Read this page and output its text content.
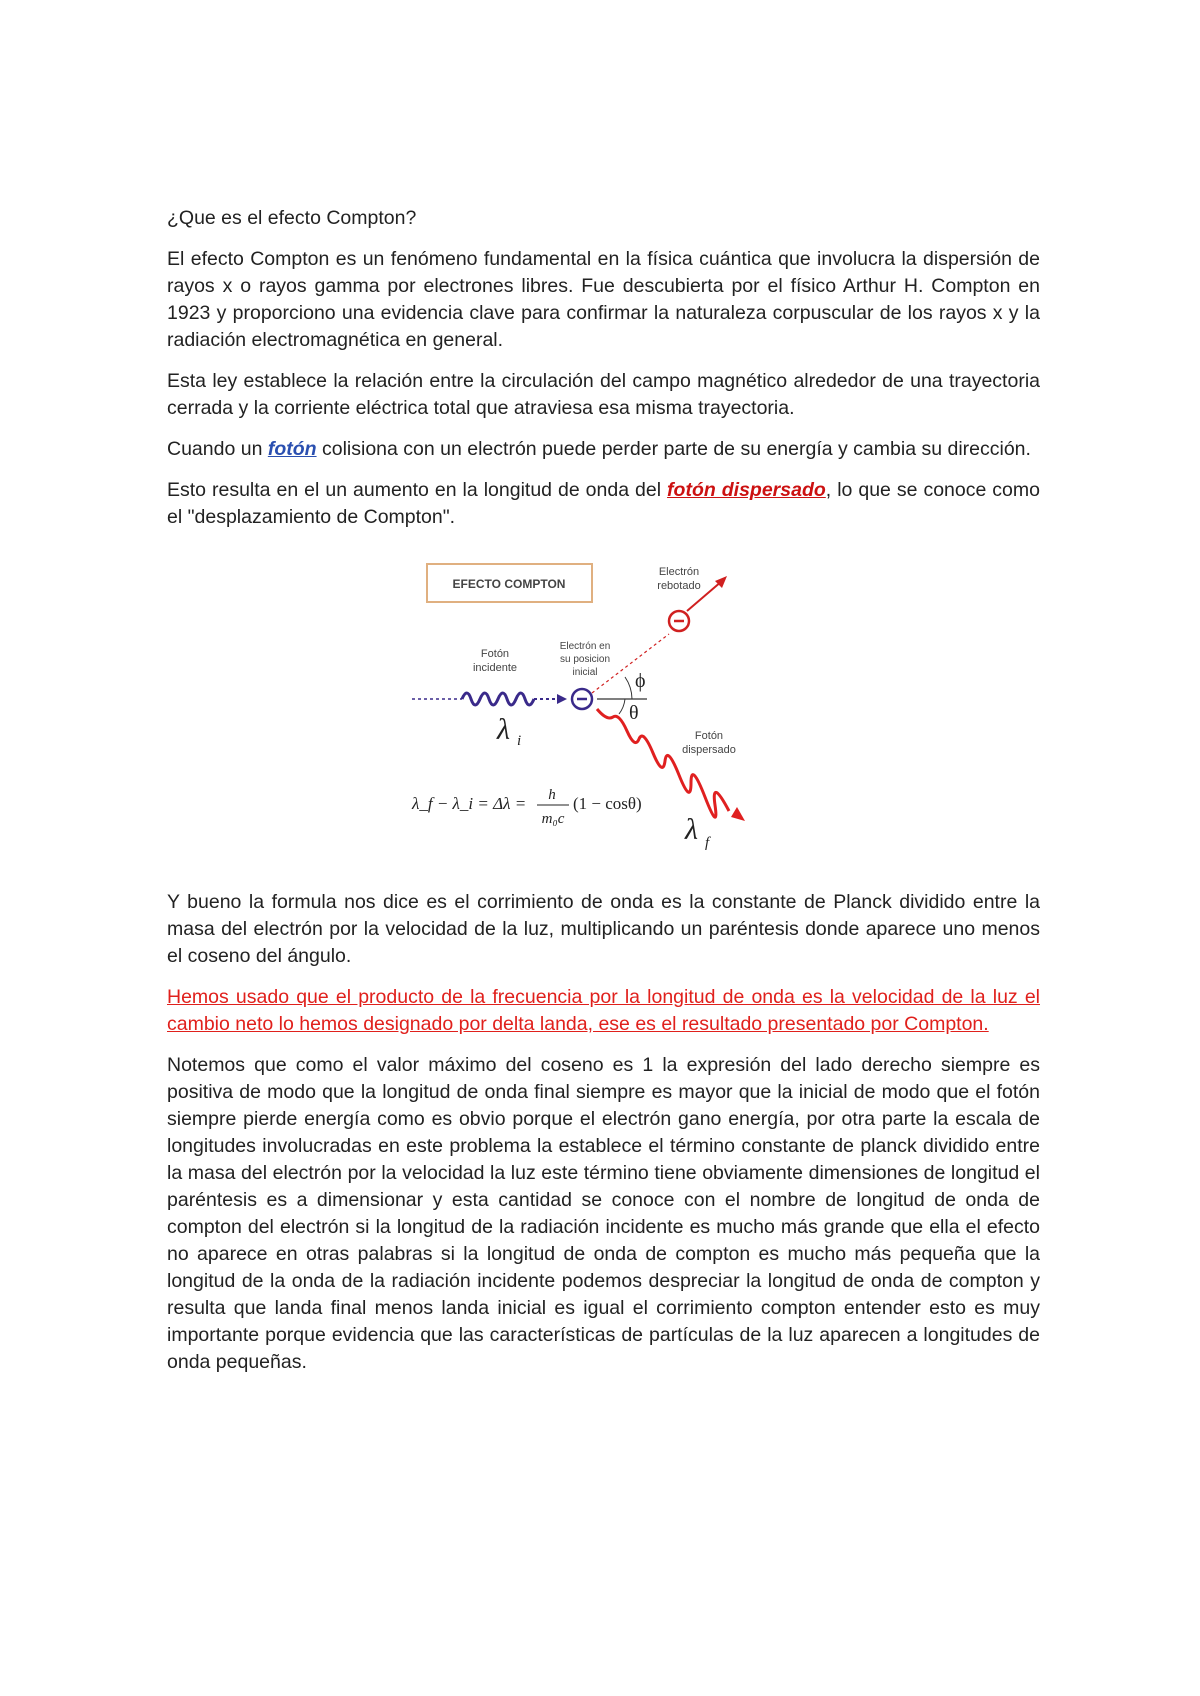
¿Que es el efecto Compton?

El efecto Compton es un fenómeno fundamental en la física cuántica que involucra la dispersión de rayos x o rayos gamma por electrones libres. Fue descubierta por el físico Arthur H. Compton en 1923 y proporciono una evidencia clave para confirmar la naturaleza corpuscular de los rayos x y la radiación electromagnética en general.

Esta ley establece la relación entre la circulación del campo magnético alrededor de una trayectoria cerrada y la corriente eléctrica total que atraviesa esa misma trayectoria.

Cuando un fotón colisiona con un electrón puede perder parte de su energía y cambia su dirección.

Esto resulta en el un aumento en la longitud de onda del fotón dispersado, lo que se conoce como el "desplazamiento de Compton".

EFECTO COMPTON
Electrón
rebotado
Fotón
incidente
Electrón en
su posicion
inicial
λ i
ϕ
θ
Fotón
dispersado
λ f
λ_f − λ_i = Δλ = h
m₀c
(1 − cosθ)

Y bueno la formula nos dice es el corrimiento de onda es la constante de Planck dividido entre la masa del electrón por la velocidad de la luz, multiplicando un paréntesis donde aparece uno menos el coseno del ángulo.

Hemos usado que el producto de la frecuencia por la longitud de onda es la velocidad de la luz el cambio neto lo hemos designado por delta landa, ese es el resultado presentado por Compton.

Notemos que como el valor máximo del coseno es 1 la expresión del lado derecho siempre es positiva de modo que la longitud de onda final siempre es mayor que la inicial de modo que el fotón siempre pierde energía como es obvio porque el electrón gano energía, por otra parte la escala de longitudes involucradas en este problema la establece el término constante de planck dividido entre la masa del electrón por la velocidad la luz este término tiene obviamente dimensiones de longitud el paréntesis es a dimensionar y esta cantidad se conoce con el nombre de longitud de onda de compton del electrón si la longitud de la radiación incidente es mucho más grande que ella el efecto no aparece en otras palabras si la longitud de onda de compton es mucho más pequeña que la longitud de la onda de la radiación incidente podemos despreciar la longitud de onda de compton y resulta que landa final menos landa inicial es igual el corrimiento compton entender esto es muy importante porque evidencia que las características de partículas de la luz aparecen a longitudes de onda pequeñas.
